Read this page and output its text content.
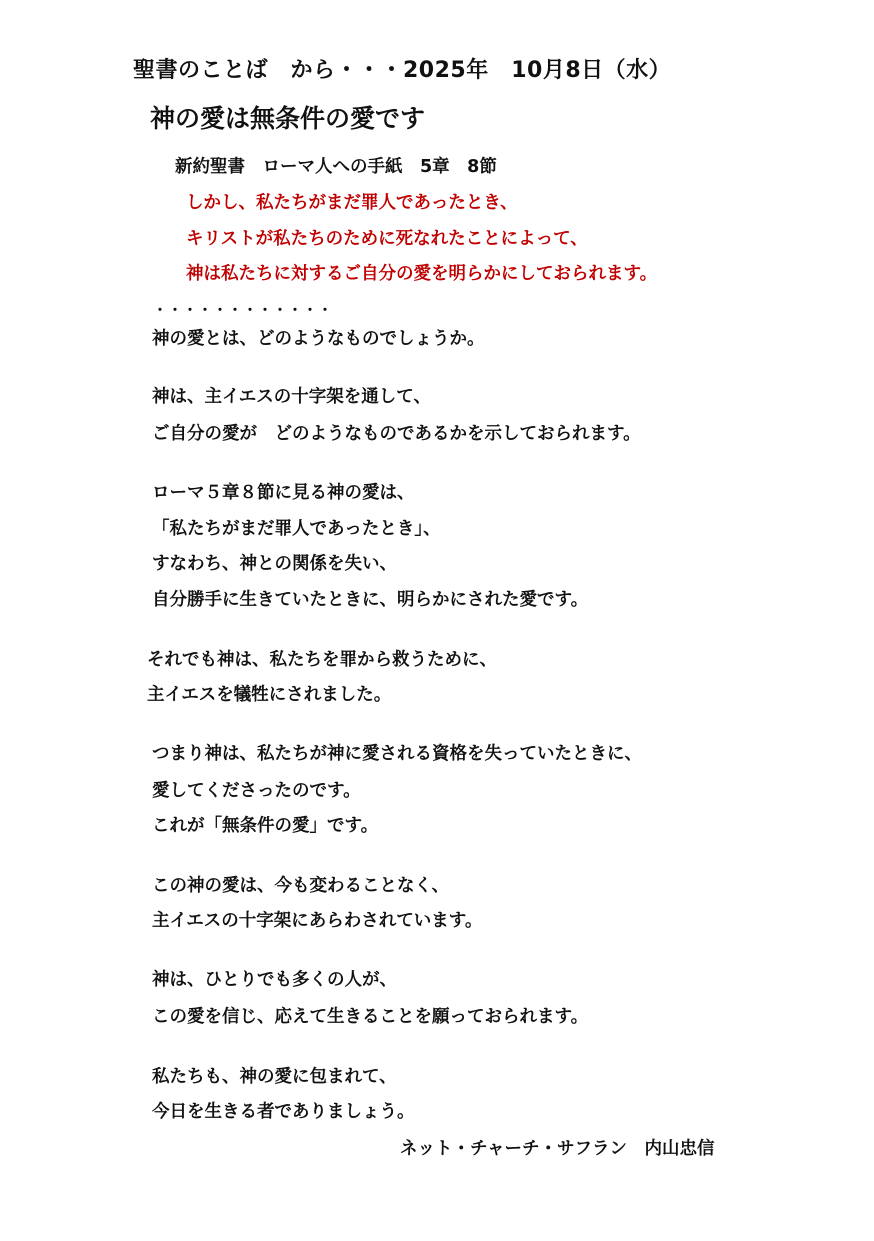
聖書のことば　から・・・2025年　10月8日（水）
神の愛は無条件の愛です
新約聖書　ローマ人への手紙　5章　8節
しかし、私たちがまだ罪人であったとき、
キリストが私たちのために死なれたことによって、
神は私たちに対するご自分の愛を明らかにしておられます。
・・・・・・・・・・・・
神の愛とは、どのようなものでしょうか。
神は、主イエスの十字架を通して、
ご自分の愛が　どのようなものであるかを示しておられます。
ローマ５章８節に見る神の愛は、
「私たちがまだ罪人であったとき」、
すなわち、神との関係を失い、
自分勝手に生きていたときに、明らかにされた愛です。
それでも神は、私たちを罪から救うために、
主イエスを犠牲にされました。
つまり神は、私たちが神に愛される資格を失っていたときに、
愛してくださったのです。
これが「無条件の愛」です。
この神の愛は、今も変わることなく、
主イエスの十字架にあらわされています。
神は、ひとりでも多くの人が、
この愛を信じ、応えて生きることを願っておられます。
私たちも、神の愛に包まれて、
今日を生きる者でありましょう。
ネット・チャーチ・サフラン　内山忠信
